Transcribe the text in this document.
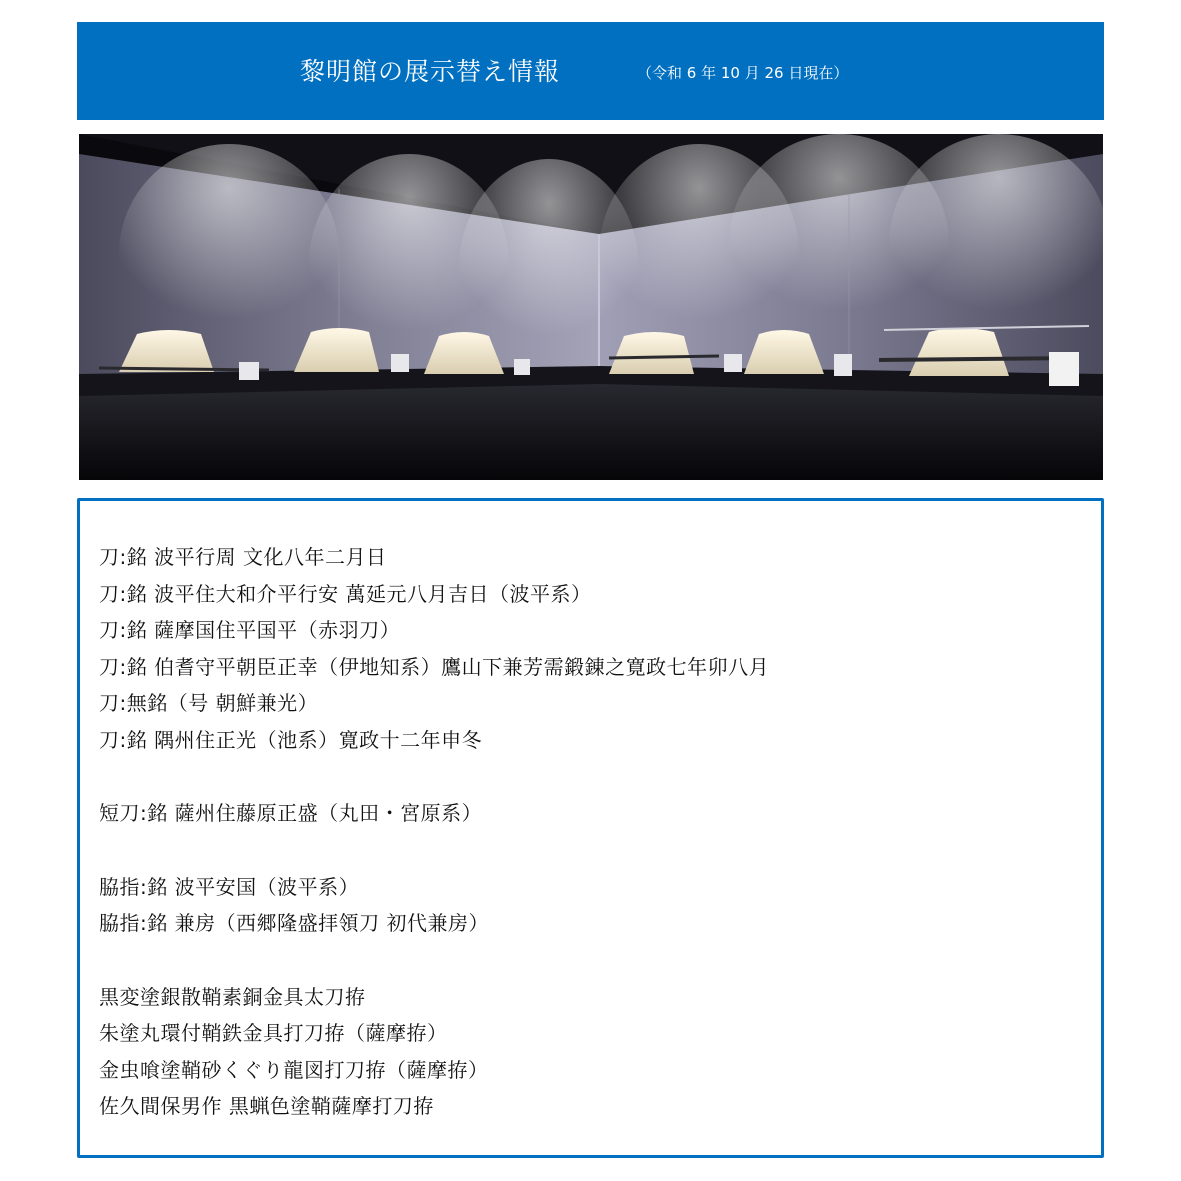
黎明館の展示替え情報	（令和 6 年 10 月 26 日現在）
刀:銘 波平行周 文化八年二月日
刀:銘 波平住大和介平行安 萬延元八月吉日（波平系）
刀:銘 薩摩国住平国平（赤羽刀）
刀:銘 伯耆守平朝臣正幸（伊地知系）鷹山下兼芳需鍛錬之寛政七年卯八月
刀:無銘（号 朝鮮兼光）
刀:銘 隅州住正光（池系）寛政十二年申冬
短刀:銘 薩州住藤原正盛（丸田・宮原系）
脇指:銘 波平安国（波平系）
脇指:銘 兼房（西郷隆盛拝領刀 初代兼房）
黒変塗銀散鞘素銅金具太刀拵
朱塗丸環付鞘鉄金具打刀拵（薩摩拵）
金虫喰塗鞘砂くぐり龍図打刀拵（薩摩拵）
佐久間保男作 黒蝋色塗鞘薩摩打刀拵
